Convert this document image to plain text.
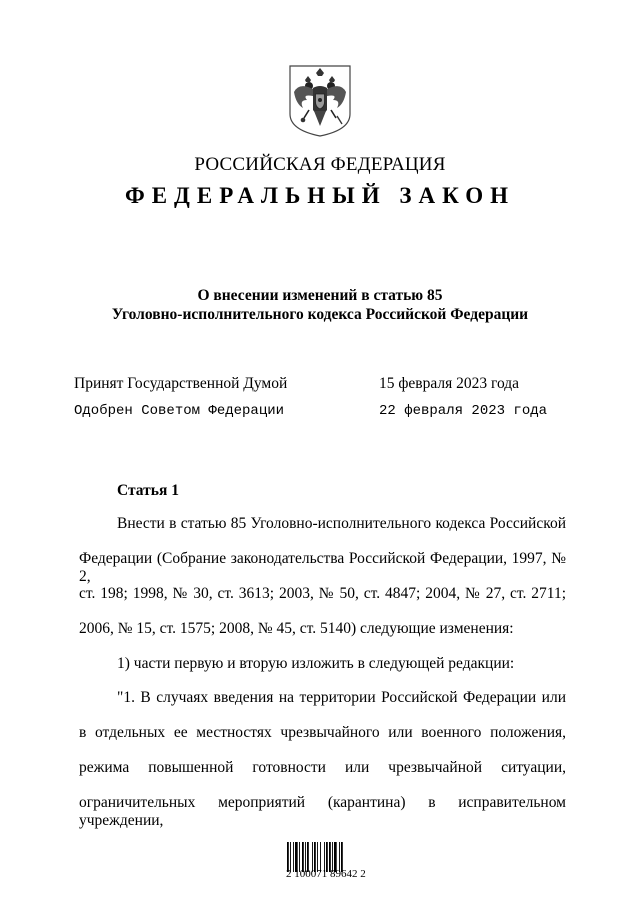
РОССИЙСКАЯ ФЕДЕРАЦИЯ
ФЕДЕРАЛЬНЫЙ ЗАКОН
О внесении изменений в статью 85
Уголовно-исполнительного кодекса Российской Федерации
Принят Государственной Думой	15 февраля 2023 года
Одобрен Советом Федерации	22 февраля 2023 года
Статья 1
Внести в статью 85 Уголовно-исполнительного кодекса Российской
Федерации (Собрание законодательства Российской Федерации, 1997, № 2,
ст. 198; 1998, № 30, ст. 3613; 2003, № 50, ст. 4847; 2004, № 27, ст. 2711;
2006, № 15, ст. 1575; 2008, № 45, ст. 5140) следующие изменения:
1) части первую и вторую изложить в следующей редакции:
"1. В случаях введения на территории Российской Федерации или
в отдельных ее местностях чрезвычайного или военного положения,
режима повышенной готовности или чрезвычайной ситуации,
ограничительных мероприятий (карантина) в исправительном учреждении,
2 100071 89642 2
